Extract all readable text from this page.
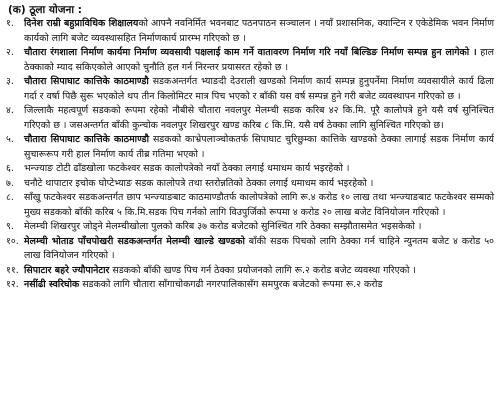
(क) ठूला योजना :
१.	दिनेश राम्री बहुप्राविधिक शिक्षालयको आफ्नै नवनिर्मित भवनबाट पठनपाठन सञ्चालन । नयाँ प्रशासनिक, क्यान्टिन र एकेडेमिक भवन निर्माण कार्यको लागि बजेट व्यवस्थासहित निर्माणकार्य प्रारम्भ गरिएको छ ।
२.	चौतारा रंगशाला निर्माण कार्यमा निर्माण व्यवसायी पक्षलाई काम गर्ने वातावरण निर्माण गरि नयाँ बिल्डिङ निर्माण सम्पन्न हुन लागेको । हाल ठेक्काको म्याद सकिएकोले आएको चुनौति हल गर्न निरन्तर प्रयासरत रहेको छ ।
३.	चौतारा सिपाघाट कात्तिके काठमाण्डौ सडकअन्तर्गत भ्याङदी देउराली खण्डको निर्माण कार्य सम्पन्न हुनुपर्नेमा निर्माण व्यवसायीले कार्य ढिला गर्दा र वर्षा पिछै सुरू भएकोले थप तीन किलोमिटर मात्र पिच भएको र बाँकी यस वर्ष सम्पन्न हुने गरी बजेट व्यवस्थापन गरिएको छ ।
४.	जिल्लाकै महत्वपूर्ण सडकको रूपमा रहेको नौबीसे चौतारा नवलपुर मेलम्ची सडक करिब ४२ कि.मि. पूरै कालोपत्रे हुने यसै वर्ष सुनिश्चित गरिएको छ । जसअन्तर्गत बाँकी कुन्चोक नवलपुर शिखरपुर खण्ड करिब ८ कि.मि. यसै वर्ष ठेक्का लागि सुनिश्चित गरिएको छ।
५.	चौतारा सिपाघाट कात्तिके काठमाण्डौ सडकको काभ्रेपलाञ्चोकतर्फ सिपाघाट चुरिछुम्का कात्तिके खण्डको ठेक्का लागाई सडक निर्माण कार्य सुचारूरूप गरी हाल निर्माण कार्य तीब्र गतिमा भएको ।
६.	भन्ज्याङ टोटी ढाँडखोला फटकेश्वर सडक कालोपत्रेको नयाँ ठेक्का लगाई धमाधम कार्य भइरहेको ।
७.	चनौटे थापाटार इचोक घोप्टेभ्याङ सडक कालोपत्रे तथा स्तरोन्नतिको ठेक्का लगाई धमाधम कार्य भइरहेको ।
८.	साँखु फटकेश्वर सडकअन्तर्गत छाप भन्ज्याङबाट काठमाण्डौतर्फ कालोपत्रेको लागि रू.४ करोड १० लाख तथा भन्ज्याङबाट फटकेश्वर सम्मको मुख्य सडकको बाँकी करिब ५ कि.मि.सडक पिच गर्नको लागि विउपुर्जिको रूपमा ४ करोड २० लाख बजेट विनियोजन गरिएको ।
९.	मेलम्ची शिखरपुर जोड्ने मेलम्चीखोला पुलको करिब ३७ करोड बजेटको सुनिश्चित गरि ठेक्का सम्झौतासमेत भइसकेको ।
१०. मेलम्ची भोताड पाँचपोखरी सडकअन्तर्गत मेलम्ची खाल्डे खण्डको बाँकी सडक पिचको लागि ठेक्का गर्न चाहिने न्युनतम बजेट ४ करोड ५० लाख विनियोजन गरिएको ।
११. सिपाटार बहरे ज्यौपानेटार सडकको बाँकी खण्ड पिच गर्न ठेक्का प्रयोजनको लागि रू.२ करोड बजेट व्यवस्था गरिएको ।
१२. नसींढी स्वरिघोक सडकको लागि चौतारा साँगाचोकगढी नगरपालिकासँग समपुरक बजेटको रूपमा रू.२ करोड
